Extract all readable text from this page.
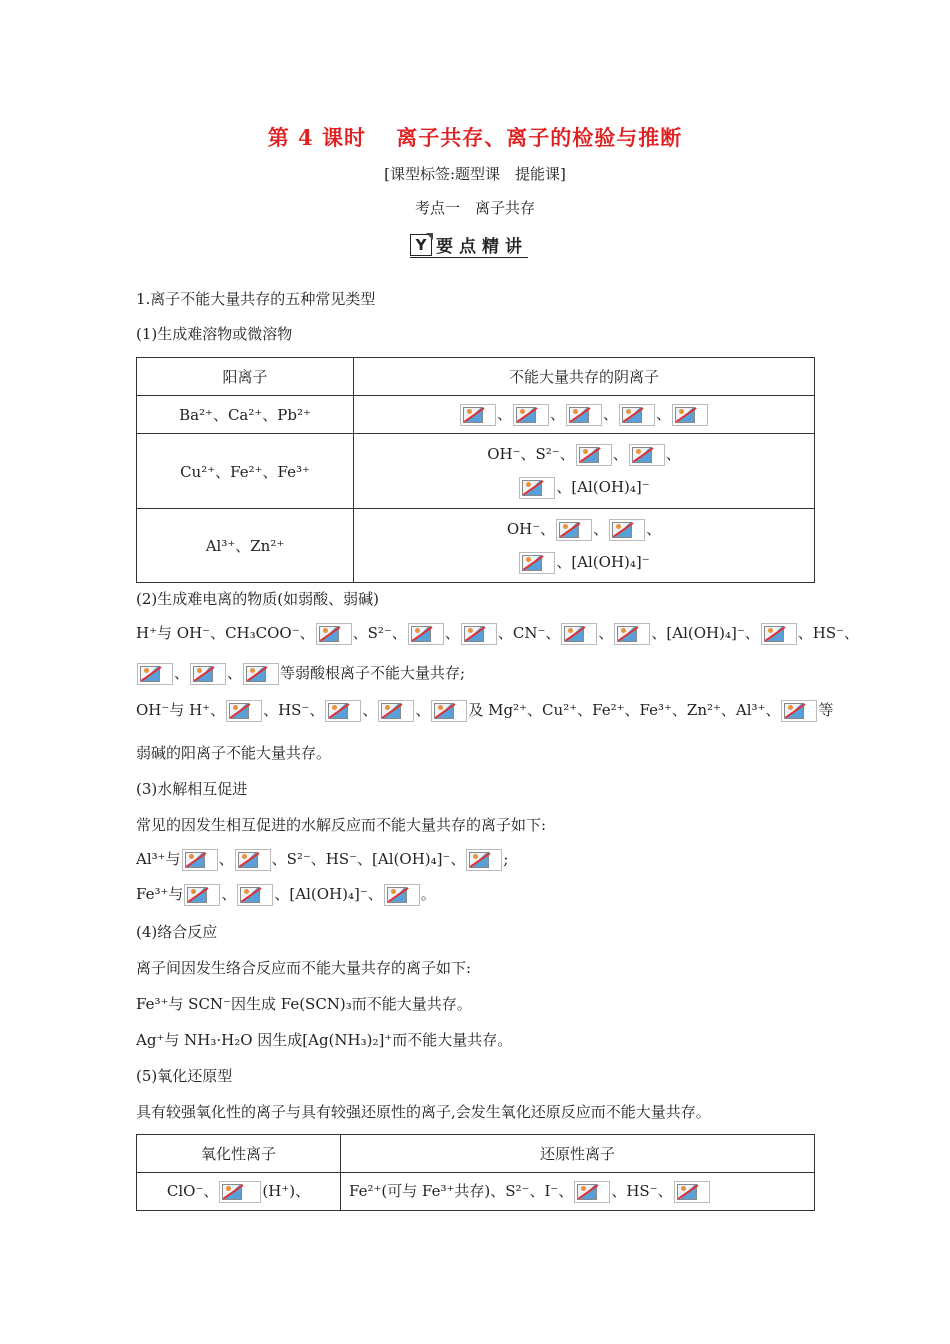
第 4 课时　 离子共存、离子的检验与推断
[课型标签:题型课　提能课]
考点一　离子共存
Y 要点精讲
1.离子不能大量共存的五种常见类型
(1)生成难溶物或微溶物
阳离子	不能大量共存的阴离子
Ba²⁺、Ca²⁺、Pb²⁺	、 、 、 、

Cu²⁺、Fe²⁺、Fe³⁺	OH⁻、S²⁻、 、 、
、[Al(OH)₄]⁻

Al³⁺、Zn²⁺	OH⁻、 、 、
、[Al(OH)₄]⁻
(2)生成难电离的物质(如弱酸、弱碱)
H⁺与 OH⁻、CH₃COO⁻、	、S²⁻、	、	、CN⁻、	、	、[Al(OH)₄]⁻、	、HS⁻、
、	、	等弱酸根离子不能大量共存;
OH⁻与 H⁺、	、HS⁻、	、	、	及 Mg²⁺、Cu²⁺、Fe²⁺、Fe³⁺、Zn²⁺、Al³⁺、	等
弱碱的阳离子不能大量共存。
(3)水解相互促进
常见的因发生相互促进的水解反应而不能大量共存的离子如下:
Al³⁺与	、	、S²⁻、HS⁻、[Al(OH)₄]⁻、	;
Fe³⁺与	、	、[Al(OH)₄]⁻、	。
(4)络合反应
离子间因发生络合反应而不能大量共存的离子如下:
Fe³⁺与 SCN⁻因生成 Fe(SCN)₃而不能大量共存。
Ag⁺与 NH₃·H₂O 因生成[Ag(NH₃)₂]⁺而不能大量共存。
(5)氧化还原型
具有较强氧化性的离子与具有较强还原性的离子,会发生氧化还原反应而不能大量共存。
氧化性离子	还原性离子
ClO⁻、 (H⁺)、	Fe²⁺(可与 Fe³⁺共存)、S²⁻、I⁻、 、HS⁻、
